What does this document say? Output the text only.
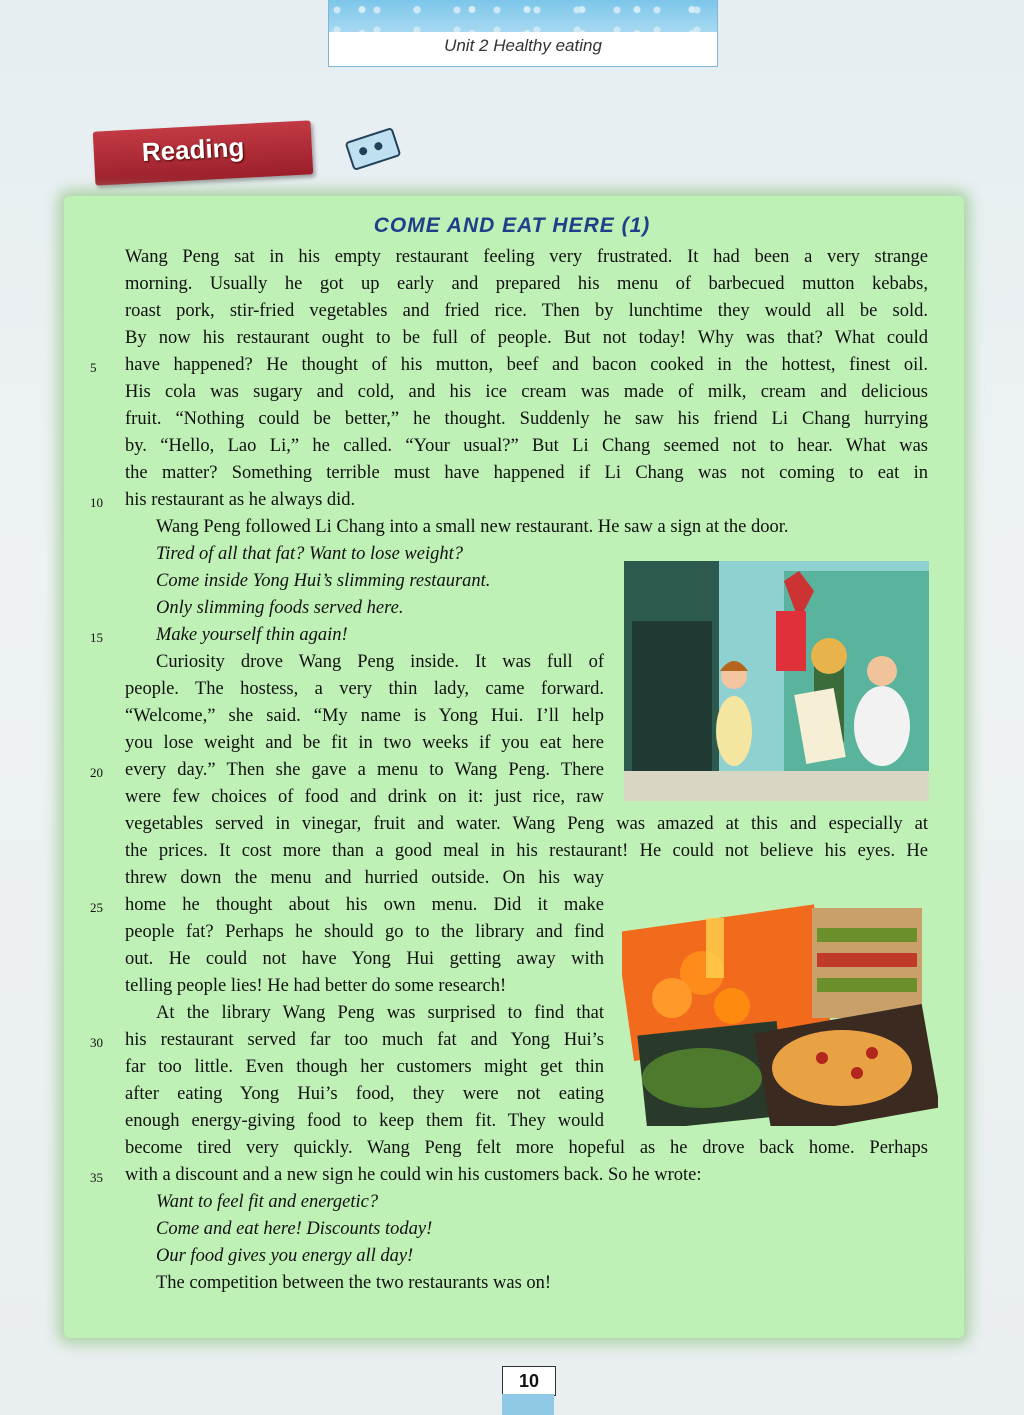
Unit 2 Healthy eating
Reading
COME AND EAT HERE (1)
Wang Peng sat in his empty restaurant feeling very frustrated. It had been a very strange
morning. Usually he got up early and prepared his menu of barbecued mutton kebabs,
roast pork, stir-fried vegetables and fried rice. Then by lunchtime they would all be sold.
By now his restaurant ought to be full of people. But not today! Why was that? What could
have happened? He thought of his mutton, beef and bacon cooked in the hottest, finest oil.
His cola was sugary and cold, and his ice cream was made of milk, cream and delicious
fruit. “Nothing could be better,” he thought. Suddenly he saw his friend Li Chang hurrying
by. “Hello, Lao Li,” he called. “Your usual?” But Li Chang seemed not to hear. What was
the matter? Something terrible must have happened if Li Chang was not coming to eat in
his restaurant as he always did.
Wang Peng followed Li Chang into a small new restaurant. He saw a sign at the door.
Tired of all that fat? Want to lose weight?
Come inside Yong Hui’s slimming restaurant.
Only slimming foods served here.
Make yourself thin again!
Curiosity drove Wang Peng inside. It was full of
people. The hostess, a very thin lady, came forward.
“Welcome,” she said. “My name is Yong Hui. I’ll help
you lose weight and be fit in two weeks if you eat here
every day.” Then she gave a menu to Wang Peng. There
were few choices of food and drink on it: just rice, raw
vegetables served in vinegar, fruit and water. Wang Peng was amazed at this and especially at
the prices. It cost more than a good meal in his restaurant! He could not believe his eyes. He
threw down the menu and hurried outside. On his way
home he thought about his own menu. Did it make
people fat? Perhaps he should go to the library and find
out. He could not have Yong Hui getting away with
telling people lies! He had better do some research!
At the library Wang Peng was surprised to find that
his restaurant served far too much fat and Yong Hui’s
far too little. Even though her customers might get thin
after eating Yong Hui’s food, they were not eating
enough energy-giving food to keep them fit. They would
become tired very quickly. Wang Peng felt more hopeful as he drove back home. Perhaps
with a discount and a new sign he could win his customers back. So he wrote:
Want to feel fit and energetic?
Come and eat here! Discounts today!
Our food gives you energy all day!
The competition between the two restaurants was on!
5
10
15
20
25
30
35
10
